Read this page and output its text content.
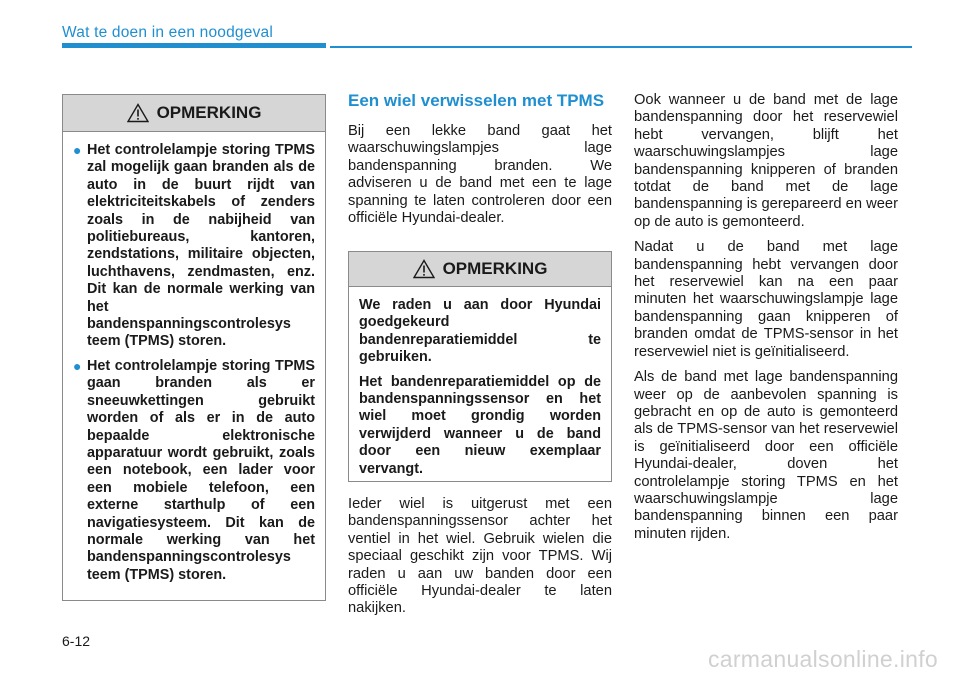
Wat te doen in een noodgeval
OPMERKING
● Het controlelampje storing TPMS zal mogelijk gaan branden als de auto in de buurt rijdt van elektriciteitskabels of zenders zoals in de nabijheid van politiebureaus, kantoren, zendstations, militaire objecten, luchthavens, zendmasten, enz. Dit kan de normale werking van het bandenspanningscontrolesys teem (TPMS) storen.
● Het controlelampje storing TPMS gaan branden als er sneeuwkettingen gebruikt worden of als er in de auto bepaalde elektronische apparatuur wordt gebruikt, zoals een notebook, een lader voor een mobiele telefoon, een externe starthulp of een navigatiesysteem. Dit kan de normale werking van het bandenspanningscontrolesys teem (TPMS) storen.
Een wiel verwisselen met TPMS

Bij een lekke band gaat het waarschuwingslampjes lage bandenspanning branden. We adviseren u de band met een te lage spanning te laten controleren door een officiële Hyundai-dealer.

OPMERKING

We raden u aan door Hyundai goedgekeurd bandenreparatiemiddel te gebruiken.

Het bandenreparatiemiddel op de bandenspanningssensor en het wiel moet grondig worden verwijderd wanneer u de band door een nieuw exemplaar vervangt.

Ieder wiel is uitgerust met een bandenspanningssensor achter het ventiel in het wiel. Gebruik wielen die speciaal geschikt zijn voor TPMS. Wij raden u aan uw banden door een officiële Hyundai-dealer te laten nakijken.

Ook wanneer u de band met de lage bandenspanning door het reservewiel hebt vervangen, blijft het waarschuwingslampjes lage bandenspanning knipperen of branden totdat de band met de lage bandenspanning is gerepareerd en weer op de auto is gemonteerd.

Nadat u de band met lage bandenspanning hebt vervangen door het reservewiel kan na een paar minuten het waarschuwingslampje lage bandenspanning gaan knipperen of branden omdat de TPMS-sensor in het reservewiel niet is geïnitialiseerd.

Als de band met lage bandenspanning weer op de aanbevolen spanning is gebracht en op de auto is gemonteerd als de TPMS-sensor van het reservewiel is geïnitialiseerd door een officiële Hyundai-dealer, doven het controlelampje storing TPMS en het waarschuwingslampje lage bandenspanning binnen een paar minuten rijden.

6-12
carmanualsonline.info
